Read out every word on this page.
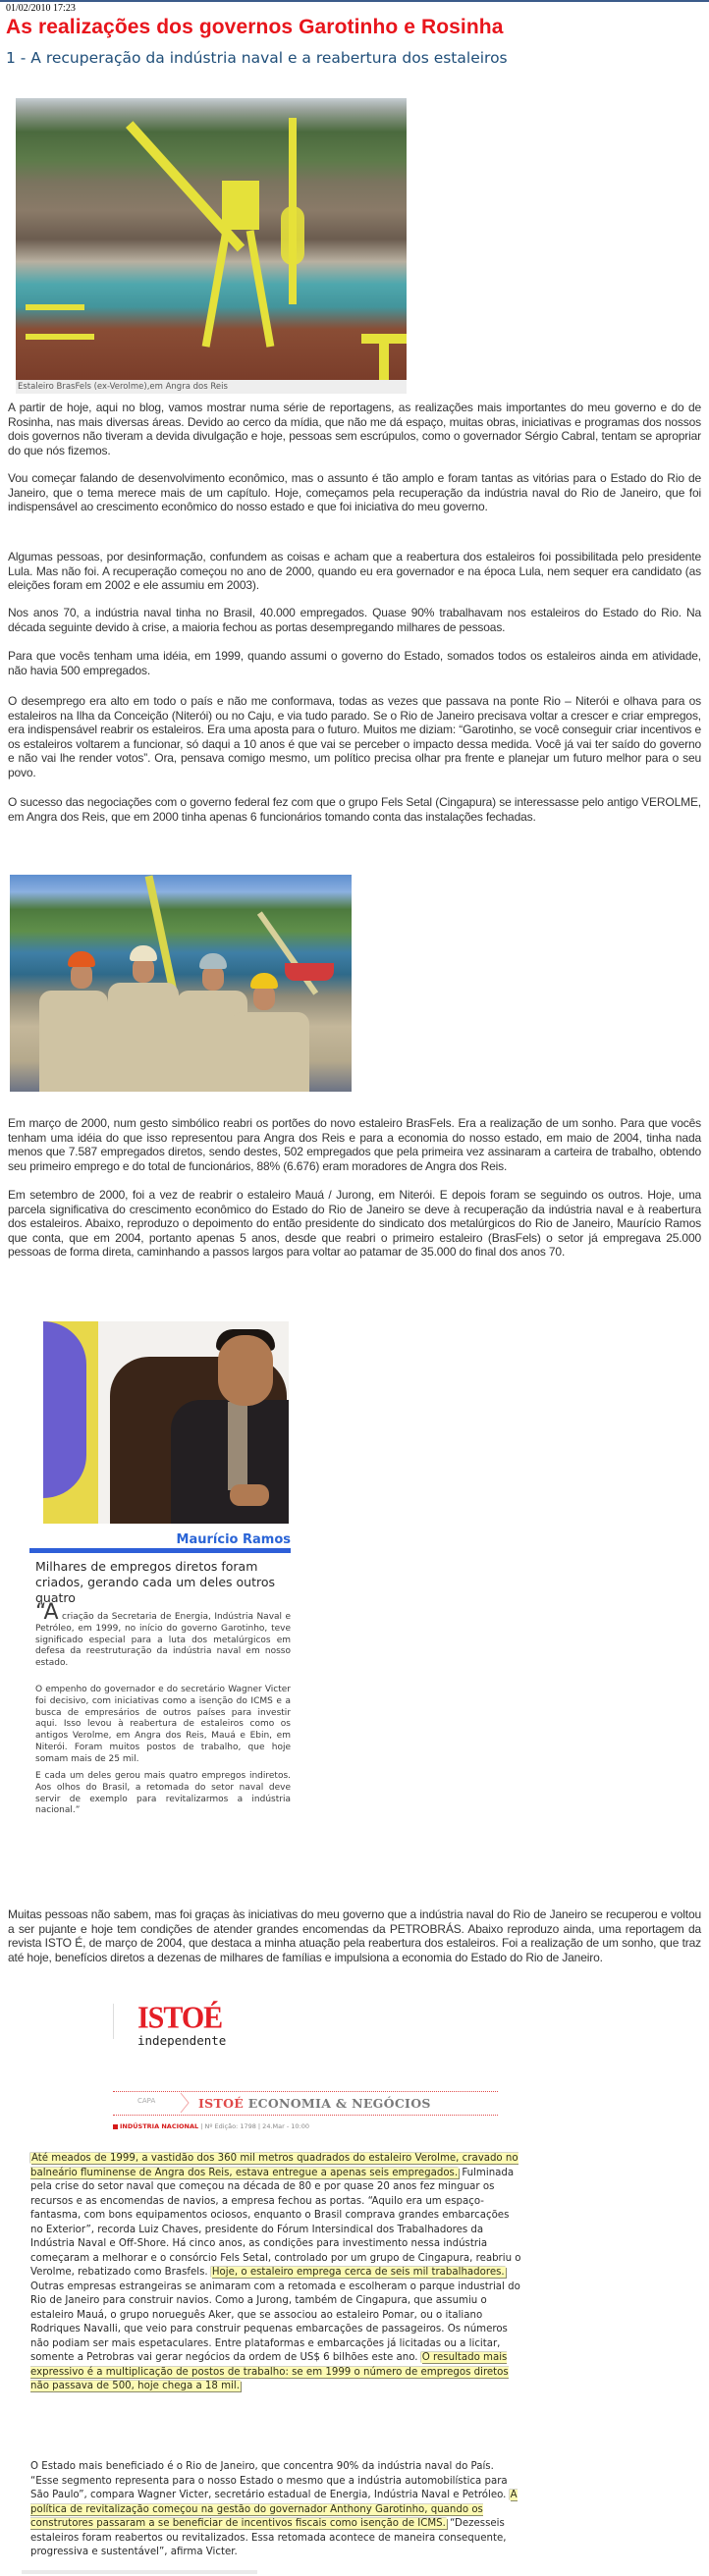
01/02/2010 17:23
As realizações dos governos Garotinho e Rosinha
1 - A recuperação da indústria naval e a reabertura dos estaleiros
Estaleiro BrasFels (ex-Verolme),em Angra dos Reis

A partir de hoje, aqui no blog, vamos mostrar numa série de reportagens, as realizações mais importantes do meu governo e do de Rosinha, nas mais diversas áreas. Devido ao cerco da mídia, que não me dá espaço, muitas obras, iniciativas e programas dos nossos dois governos não tiveram a devida divulgação e hoje, pessoas sem escrúpulos, como o governador Sérgio Cabral, tentam se apropriar do que nós fizemos.

Vou começar falando de desenvolvimento econômico, mas o assunto é tão amplo e foram tantas as vitórias para o Estado do Rio de Janeiro, que o tema merece mais de um capítulo. Hoje, começamos pela recuperação da indústria naval do Rio de Janeiro, que foi indispensável ao crescimento econômico do nosso estado e que foi iniciativa do meu governo.

Algumas pessoas, por desinformação, confundem as coisas e acham que a reabertura dos estaleiros foi possibilitada pelo presidente Lula. Mas não foi. A recuperação começou no ano de 2000, quando eu era governador e na época Lula, nem sequer era candidato (as eleições foram em 2002 e ele assumiu em 2003).

Nos anos 70, a indústria naval tinha no Brasil, 40.000 empregados. Quase 90% trabalhavam nos estaleiros do Estado do Rio. Na década seguinte devido à crise, a maioria fechou as portas desempregando milhares de pessoas.

Para que vocês tenham uma idéia, em 1999, quando assumi o governo do Estado, somados todos os estaleiros ainda em atividade, não havia 500 empregados.

O desemprego era alto em todo o país e não me conformava, todas as vezes que passava na ponte Rio – Niterói e olhava para os estaleiros na Ilha da Conceição (Niterói) ou no Caju, e via tudo parado. Se o Rio de Janeiro precisava voltar a crescer e criar empregos, era indispensável reabrir os estaleiros. Era uma aposta para o futuro. Muitos me diziam: “Garotinho, se você conseguir criar incentivos e os estaleiros voltarem a funcionar, só daqui a 10 anos é que vai se perceber o impacto dessa medida. Você já vai ter saído do governo e não vai lhe render votos”. Ora, pensava comigo mesmo, um político precisa olhar pra frente e planejar um futuro melhor para o seu povo.

O sucesso das negociações com o governo federal fez com que o grupo Fels Setal (Cingapura) se interessasse pelo antigo VEROLME, em Angra dos Reis, que em 2000 tinha apenas 6 funcionários tomando conta das instalações fechadas.

Em março de 2000, num gesto simbólico reabri os portões do novo estaleiro BrasFels. Era a realização de um sonho. Para que vocês tenham uma idéia do que isso representou para Angra dos Reis e para a economia do nosso estado, em maio de 2004, tinha nada menos que 7.587 empregados diretos, sendo destes, 502 empregados que pela primeira vez assinaram a carteira de trabalho, obtendo seu primeiro emprego e do total de funcionários, 88% (6.676) eram moradores de Angra dos Reis.

Em setembro de 2000, foi a vez de reabrir o estaleiro Mauá / Jurong, em Niterói. E depois foram se seguindo os outros. Hoje, uma parcela significativa do crescimento econômico do Estado do Rio de Janeiro se deve à recuperação da indústria naval e à reabertura dos estaleiros. Abaixo, reproduzo o depoimento do então presidente do sindicato dos metalúrgicos do Rio de Janeiro, Maurício Ramos que conta, que em 2004, portanto apenas 5 anos, desde que reabri o primeiro estaleiro (BrasFels) o setor já empregava 25.000 pessoas de forma direta, caminhando a passos largos para voltar ao patamar de 35.000 do final dos anos 70.

Maurício Ramos
Milhares de empregos diretos foram criados, gerando cada um deles outros quatro

“A criação da Secretaria de Energia, Indústria Naval e Petróleo, em 1999, no início do governo Garotinho, teve significado especial para a luta dos metalúrgicos em defesa da reestruturação da indústria naval em nosso estado.

O empenho do governador e do secretário Wagner Victer foi decisivo, com iniciativas como a isenção do ICMS e a busca de empresários de outros países para investir aqui. Isso levou à reabertura de estaleiros como os antigos Verolme, em Angra dos Reis, Mauá e Ebin, em Niterói. Foram muitos postos de trabalho, que hoje somam mais de 25 mil.

E cada um deles gerou mais quatro empregos indiretos. Aos olhos do Brasil, a retomada do setor naval deve servir de exemplo para revitalizarmos a indústria nacional.”

Muitas pessoas não sabem, mas foi graças às iniciativas do meu governo que a indústria naval do Rio de Janeiro se recuperou e voltou a ser pujante e hoje tem condições de atender grandes encomendas da PETROBRÁS. Abaixo reproduzo ainda, uma reportagem da revista ISTO É, de março de 2004, que destaca a minha atuação pela reabertura dos estaleiros. Foi a realização de um sonho, que traz até hoje, benefícios diretos a dezenas de milhares de famílias e impulsiona a economia do Estado do Rio de Janeiro.

ISTOÉ
independente
CAPA	ISTOÉ ECONOMIA & NEGÓCIOS
INDÚSTRIA NACIONAL | Nº Edição: 1798 | 24.Mar - 10:00

Até meados de 1999, a vastidão dos 360 mil metros quadrados do estaleiro Verolme, cravado no balneário fluminense de Angra dos Reis, estava entregue a apenas seis empregados. Fulminada pela crise do setor naval que começou na década de 80 e por quase 20 anos fez minguar os recursos e as encomendas de navios, a empresa fechou as portas. “Aquilo era um espaço-fantasma, com bons equipamentos ociosos, enquanto o Brasil comprava grandes embarcações no Exterior”, recorda Luiz Chaves, presidente do Fórum Intersindical dos Trabalhadores da Indústria Naval e Off-Shore. Há cinco anos, as condições para investimento nessa indústria começaram a melhorar e o consórcio Fels Setal, controlado por um grupo de Cingapura, reabriu o Verolme, rebatizado como Brasfels. Hoje, o estaleiro emprega cerca de seis mil trabalhadores. Outras empresas estrangeiras se animaram com a retomada e escolheram o parque industrial do Rio de Janeiro para construir navios. Como a Jurong, também de Cingapura, que assumiu o estaleiro Mauá, o grupo norueguês Aker, que se associou ao estaleiro Pomar, ou o italiano Rodriques Navalli, que veio para construir pequenas embarcações de passageiros. Os números não podiam ser mais espetaculares. Entre plataformas e embarcações já licitadas ou a licitar, somente a Petrobras vai gerar negócios da ordem de US$ 6 bilhões este ano. O resultado mais expressivo é a multiplicação de postos de trabalho: se em 1999 o número de empregos diretos não passava de 500, hoje chega a 18 mil.

O Estado mais beneficiado é o Rio de Janeiro, que concentra 90% da indústria naval do País. “Esse segmento representa para o nosso Estado o mesmo que a indústria automobilística para São Paulo”, compara Wagner Victer, secretário estadual de Energia, Indústria Naval e Petróleo. A política de revitalização começou na gestão do governador Anthony Garotinho, quando os construtores passaram a se beneficiar de incentivos fiscais como isenção de ICMS. “Dezesseis estaleiros foram reabertos ou revitalizados. Essa retomada acontece de maneira consequente, progressiva e sustentável”, afirma Victer.
